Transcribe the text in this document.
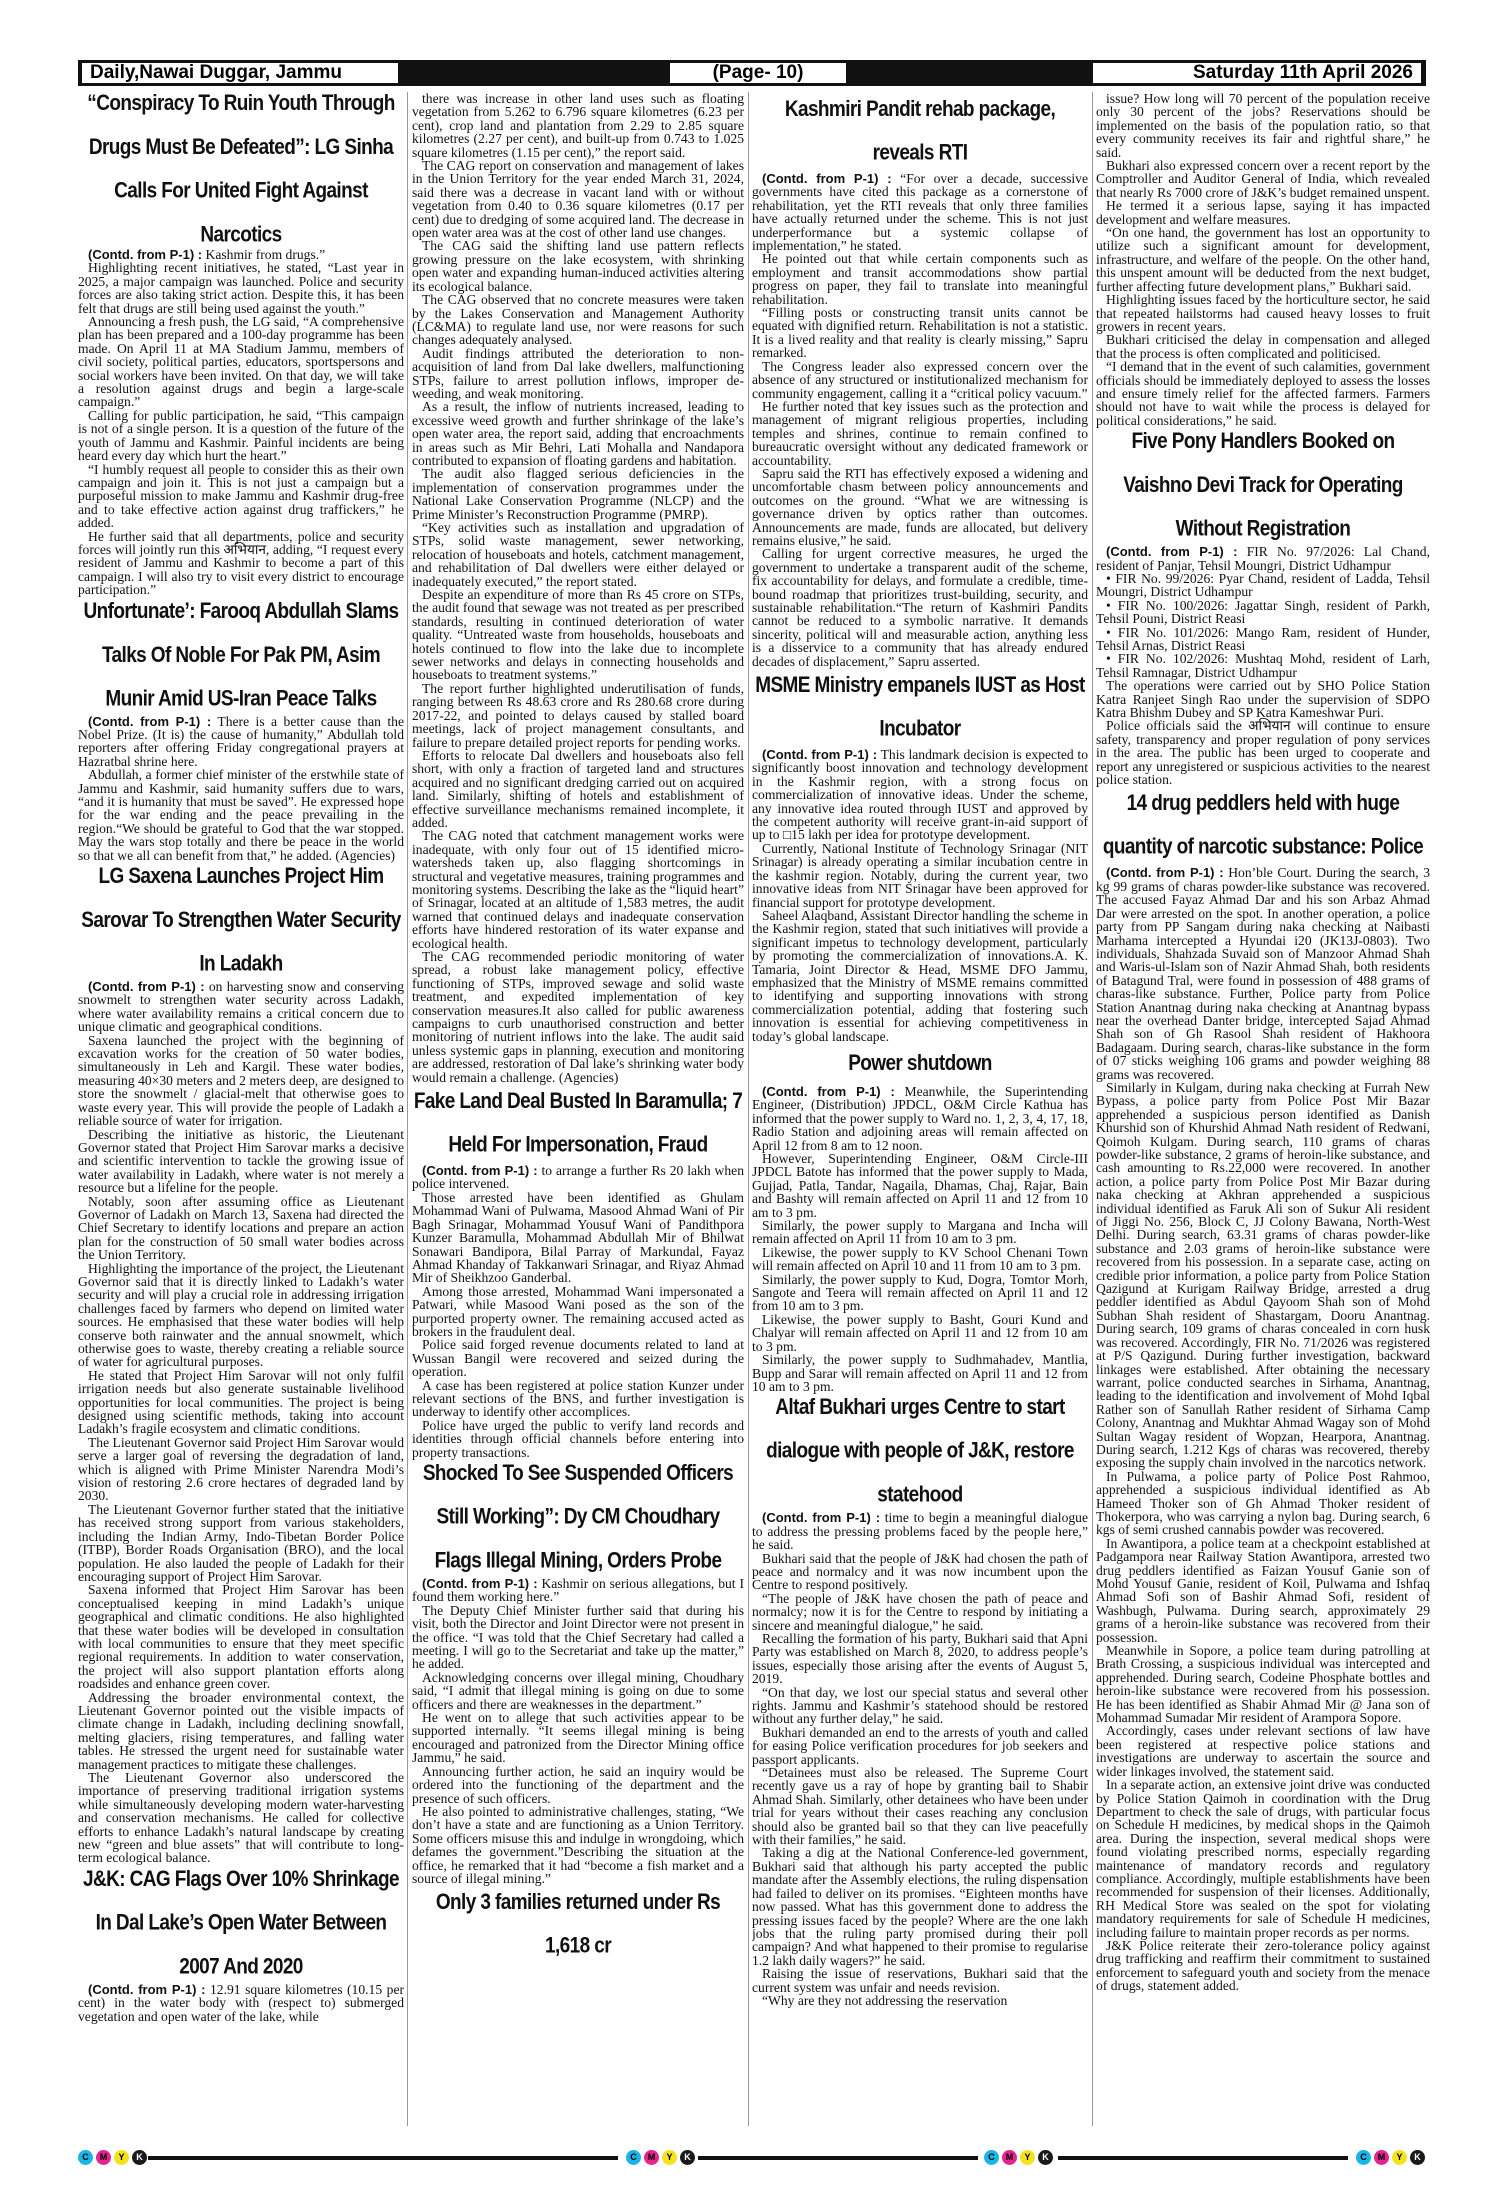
Daily,Nawai Duggar, Jammu	(Page- 10)	Saturday 11th April 2026
“Conspiracy To Ruin Youth Through Drugs Must Be Defeated”: LG Sinha Calls For United Fight Against Narcotics

(Contd. from P-1) : Kashmir from drugs.”

Highlighting recent initiatives, he stated, “Last year in 2025, a major campaign was launched. Police and security forces are also taking strict action. Despite this, it has been felt that drugs are still being used against the youth.”

Announcing a fresh push, the LG said, “A comprehensive plan has been prepared and a 100-day programme has been made. On April 11 at MA Stadium Jammu, members of civil society, political parties, educators, sportspersons and social workers have been invited. On that day, we will take a resolution against drugs and begin a large-scale campaign.”

Calling for public participation, he said, “This campaign is not of a single person. It is a question of the future of the youth of Jammu and Kashmir. Painful incidents are being heard every day which hurt the heart.”

“I humbly request all people to consider this as their own campaign and join it. This is not just a campaign but a purposeful mission to make Jammu and Kashmir drug-free and to take effective action against drug traffickers,” he added.

He further said that all departments, police and security forces will jointly run this अभियान, adding, “I request every resident of Jammu and Kashmir to become a part of this campaign. I will also try to visit every district to encourage participation.”

Unfortunate’: Farooq Abdullah Slams Talks Of Noble For Pak PM, Asim Munir Amid US-Iran Peace Talks

(Contd. from P-1) : There is a better cause than the Nobel Prize. (It is) the cause of humanity,” Abdullah told reporters after offering Friday congregational prayers at Hazratbal shrine here.

Abdullah, a former chief minister of the erstwhile state of Jammu and Kashmir, said humanity suffers due to wars, “and it is humanity that must be saved”. He expressed hope for the war ending and the peace prevailing in the region.“We should be grateful to God that the war stopped. May the wars stop totally and there be peace in the world so that we all can benefit from that,” he added. (Agencies)

LG Saxena Launches Project Him Sarovar To Strengthen Water Security In Ladakh

(Contd. from P-1) : on harvesting snow and conserving snowmelt to strengthen water security across Ladakh, where water availability remains a critical concern due to unique climatic and geographical conditions.

Saxena launched the project with the beginning of excavation works for the creation of 50 water bodies, simultaneously in Leh and Kargil. These water bodies, measuring 40×30 meters and 2 meters deep, are designed to store the snowmelt / glacial-melt that otherwise goes to waste every year. This will provide the people of Ladakh a reliable source of water for irrigation.

Describing the initiative as historic, the Lieutenant Governor stated that Project Him Sarovar marks a decisive and scientific intervention to tackle the growing issue of water availability in Ladakh, where water is not merely a resource but a lifeline for the people.

Notably, soon after assuming office as Lieutenant Governor of Ladakh on March 13, Saxena had directed the Chief Secretary to identify locations and prepare an action plan for the construction of 50 small water bodies across the Union Territory.

Highlighting the importance of the project, the Lieutenant Governor said that it is directly linked to Ladakh’s water security and will play a crucial role in addressing irrigation challenges faced by farmers who depend on limited water sources. He emphasised that these water bodies will help conserve both rainwater and the annual snowmelt, which otherwise goes to waste, thereby creating a reliable source of water for agricultural purposes.

He stated that Project Him Sarovar will not only fulfil irrigation needs but also generate sustainable livelihood opportunities for local communities. The project is being designed using scientific methods, taking into account Ladakh’s fragile ecosystem and climatic conditions.

The Lieutenant Governor said Project Him Sarovar would serve a larger goal of reversing the degradation of land, which is aligned with Prime Minister Narendra Modi’s vision of restoring 2.6 crore hectares of degraded land by 2030.

The Lieutenant Governor further stated that the initiative has received strong support from various stakeholders, including the Indian Army, Indo-Tibetan Border Police (ITBP), Border Roads Organisation (BRO), and the local population. He also lauded the people of Ladakh for their encouraging support of Project Him Sarovar.

Saxena informed that Project Him Sarovar has been conceptualised keeping in mind Ladakh’s unique geographical and climatic conditions. He also highlighted that these water bodies will be developed in consultation with local communities to ensure that they meet specific regional requirements. In addition to water conservation, the project will also support plantation efforts along roadsides and enhance green cover.

Addressing the broader environmental context, the Lieutenant Governor pointed out the visible impacts of climate change in Ladakh, including declining snowfall, melting glaciers, rising temperatures, and falling water tables. He stressed the urgent need for sustainable water management practices to mitigate these challenges.

The Lieutenant Governor also underscored the importance of preserving traditional irrigation systems while simultaneously developing modern water-harvesting and conservation mechanisms. He called for collective efforts to enhance Ladakh’s natural landscape by creating new “green and blue assets” that will contribute to long-term ecological balance.

J&K: CAG Flags Over 10% Shrinkage In Dal Lake’s Open Water Between 2007 And 2020

(Contd. from P-1) : 12.91 square kilometres (10.15 per cent) in the water body with (respect to) submerged vegetation and open water of the lake, while

there was increase in other land uses such as floating vegetation from 5.262 to 6.796 square kilometres (6.23 per cent), crop land and plantation from 2.29 to 2.85 square kilometres (2.27 per cent), and built-up from 0.743 to 1.025 square kilometres (1.15 per cent),” the report said.

The CAG report on conservation and management of lakes in the Union Territory for the year ended March 31, 2024, said there was a decrease in vacant land with or without vegetation from 0.40 to 0.36 square kilometres (0.17 per cent) due to dredging of some acquired land. The decrease in open water area was at the cost of other land use changes.

The CAG said the shifting land use pattern reflects growing pressure on the lake ecosystem, with shrinking open water and expanding human-induced activities altering its ecological balance.

The CAG observed that no concrete measures were taken by the Lakes Conservation and Management Authority (LC&MA) to regulate land use, nor were reasons for such changes adequately analysed.

Audit findings attributed the deterioration to non-acquisition of land from Dal lake dwellers, malfunctioning STPs, failure to arrest pollution inflows, improper de-weeding, and weak monitoring.

As a result, the inflow of nutrients increased, leading to excessive weed growth and further shrinkage of the lake’s open water area, the report said, adding that encroachments in areas such as Mir Behri, Lati Mohalla and Nandapora contributed to expansion of floating gardens and habitation.

The audit also flagged serious deficiencies in the implementation of conservation programmes under the National Lake Conservation Programme (NLCP) and the Prime Minister’s Reconstruction Programme (PMRP).

“Key activities such as installation and upgradation of STPs, solid waste management, sewer networking, relocation of houseboats and hotels, catchment management, and rehabilitation of Dal dwellers were either delayed or inadequately executed,” the report stated.

Despite an expenditure of more than Rs 45 crore on STPs, the audit found that sewage was not treated as per prescribed standards, resulting in continued deterioration of water quality. “Untreated waste from households, houseboats and hotels continued to flow into the lake due to incomplete sewer networks and delays in connecting households and houseboats to treatment systems.”

The report further highlighted underutilisation of funds, ranging between Rs 48.63 crore and Rs 280.68 crore during 2017-22, and pointed to delays caused by stalled board meetings, lack of project management consultants, and failure to prepare detailed project reports for pending works.

Efforts to relocate Dal dwellers and houseboats also fell short, with only a fraction of targeted land and structures acquired and no significant dredging carried out on acquired land. Similarly, shifting of hotels and establishment of effective surveillance mechanisms remained incomplete, it added.

The CAG noted that catchment management works were inadequate, with only four out of 15 identified micro-watersheds taken up, also flagging shortcomings in structural and vegetative measures, training programmes and monitoring systems. Describing the lake as the “liquid heart” of Srinagar, located at an altitude of 1,583 metres, the audit warned that continued delays and inadequate conservation efforts have hindered restoration of its water expanse and ecological health.

The CAG recommended periodic monitoring of water spread, a robust lake management policy, effective functioning of STPs, improved sewage and solid waste treatment, and expedited implementation of key conservation measures.It also called for public awareness campaigns to curb unauthorised construction and better monitoring of nutrient inflows into the lake. The audit said unless systemic gaps in planning, execution and monitoring are addressed, restoration of Dal lake’s shrinking water body would remain a challenge. (Agencies)

Fake Land Deal Busted In Baramulla; 7 Held For Impersonation, Fraud

(Contd. from P-1) : to arrange a further Rs 20 lakh when police intervened.

Those arrested have been identified as Ghulam Mohammad Wani of Pulwama, Masood Ahmad Wani of Pir Bagh Srinagar, Mohammad Yousuf Wani of Pandithpora Kunzer Baramulla, Mohammad Abdullah Mir of Bhilwat Sonawari Bandipora, Bilal Parray of Markundal, Fayaz Ahmad Khanday of Takkanwari Srinagar, and Riyaz Ahmad Mir of Sheikhzoo Ganderbal.

Among those arrested, Mohammad Wani impersonated a Patwari, while Masood Wani posed as the son of the purported property owner. The remaining accused acted as brokers in the fraudulent deal.

Police said forged revenue documents related to land at Wussan Bangil were recovered and seized during the operation.

A case has been registered at police station Kunzer under relevant sections of the BNS, and further investigation is underway to identify other accomplices.

Police have urged the public to verify land records and identities through official channels before entering into property transactions.

Shocked To See Suspended Officers Still Working”: Dy CM Choudhary Flags Illegal Mining, Orders Probe

(Contd. from P-1) : Kashmir on serious allegations, but I found them working here.”

The Deputy Chief Minister further said that during his visit, both the Director and Joint Director were not present in the office. “I was told that the Chief Secretary had called a meeting. I will go to the Secretariat and take up the matter,” he added.

Acknowledging concerns over illegal mining, Choudhary said, “I admit that illegal mining is going on due to some officers and there are weaknesses in the department.”

He went on to allege that such activities appear to be supported internally. “It seems illegal mining is being encouraged and patronized from the Director Mining office Jammu,” he said.

Announcing further action, he said an inquiry would be ordered into the functioning of the department and the presence of such officers.

He also pointed to administrative challenges, stating, “We don’t have a state and are functioning as a Union Territory. Some officers misuse this and indulge in wrongdoing, which defames the government.”Describing the situation at the office, he remarked that it had “become a fish market and a source of illegal mining.”

Only 3 families returned under Rs 1,618 cr
Kashmiri Pandit rehab package, reveals RTI

(Contd. from P-1) : “For over a decade, successive governments have cited this package as a cornerstone of rehabilitation, yet the RTI reveals that only three families have actually returned under the scheme. This is not just underperformance but a systemic collapse of implementation,” he stated.

He pointed out that while certain components such as employment and transit accommodations show partial progress on paper, they fail to translate into meaningful rehabilitation.

“Filling posts or constructing transit units cannot be equated with dignified return. Rehabilitation is not a statistic. It is a lived reality and that reality is clearly missing,” Sapru remarked.

The Congress leader also expressed concern over the absence of any structured or institutionalized mechanism for community engagement, calling it a “critical policy vacuum.”

He further noted that key issues such as the protection and management of migrant religious properties, including temples and shrines, continue to remain confined to bureaucratic oversight without any dedicated framework or accountability.

Sapru said the RTI has effectively exposed a widening and uncomfortable chasm between policy announcements and outcomes on the ground. “What we are witnessing is governance driven by optics rather than outcomes. Announcements are made, funds are allocated, but delivery remains elusive,” he said.

Calling for urgent corrective measures, he urged the government to undertake a transparent audit of the scheme, fix accountability for delays, and formulate a credible, time-bound roadmap that prioritizes trust-building, security, and sustainable rehabilitation.“The return of Kashmiri Pandits cannot be reduced to a symbolic narrative. It demands sincerity, political will and measurable action, anything less is a disservice to a community that has already endured decades of displacement,” Sapru asserted.

MSME Ministry empanels IUST as Host Incubator

(Contd. from P-1) : This landmark decision is expected to significantly boost innovation and technology development in the Kashmir region, with a strong focus on commercialization of innovative ideas. Under the scheme, any innovative idea routed through IUST and approved by the competent authority will receive grant-in-aid support of up to □15 lakh per idea for prototype development.

Currently, National Institute of Technology Srinagar (NIT Srinagar) is already operating a similar incubation centre in the kashmir region. Notably, during the current year, two innovative ideas from NIT Srinagar have been approved for financial support for prototype development.

Saheel Alaqband, Assistant Director handling the scheme in the Kashmir region, stated that such initiatives will provide a significant impetus to technology development, particularly by promoting the commercialization of innovations.A. K. Tamaria, Joint Director & Head, MSME DFO Jammu, emphasized that the Ministry of MSME remains committed to identifying and supporting innovations with strong commercialization potential, adding that fostering such innovation is essential for achieving competitiveness in today’s global landscape.

Power shutdown

(Contd. from P-1) : Meanwhile, the Superintending Engineer, (Distribution) JPDCL, O&M Circle Kathua has informed that the power supply to Ward no. 1, 2, 3, 4, 17, 18, Radio Station and adjoining areas will remain affected on April 12 from 8 am to 12 noon.

However, Superintending Engineer, O&M Circle-III JPDCL Batote has informed that the power supply to Mada, Gujjad, Patla, Tandar, Nagaila, Dhamas, Chaj, Rajar, Bain and Bashty will remain affected on April 11 and 12 from 10 am to 3 pm.

Similarly, the power supply to Margana and Incha will remain affected on April 11 from 10 am to 3 pm.

Likewise, the power supply to KV School Chenani Town will remain affected on April 10 and 11 from 10 am to 3 pm.

Similarly, the power supply to Kud, Dogra, Tomtor Morh, Sangote and Teera will remain affected on April 11 and 12 from 10 am to 3 pm.

Likewise, the power supply to Basht, Gouri Kund and Chalyar will remain affected on April 11 and 12 from 10 am to 3 pm.

Similarly, the power supply to Sudhmahadev, Mantlia, Bupp and Sarar will remain affected on April 11 and 12 from 10 am to 3 pm.

Altaf Bukhari urges Centre to start dialogue with people of J&K, restore statehood

(Contd. from P-1) : time to begin a meaningful dialogue to address the pressing problems faced by the people here,” he said.

Bukhari said that the people of J&K had chosen the path of peace and normalcy and it was now incumbent upon the Centre to respond positively.

“The people of J&K have chosen the path of peace and normalcy; now it is for the Centre to respond by initiating a sincere and meaningful dialogue,” he said.

Recalling the formation of his party, Bukhari said that Apni Party was established on March 8, 2020, to address people’s issues, especially those arising after the events of August 5, 2019.

“On that day, we lost our special status and several other rights. Jammu and Kashmir’s statehood should be restored without any further delay,” he said.

Bukhari demanded an end to the arrests of youth and called for easing Police verification procedures for job seekers and passport applicants.

“Detainees must also be released. The Supreme Court recently gave us a ray of hope by granting bail to Shabir Ahmad Shah. Similarly, other detainees who have been under trial for years without their cases reaching any conclusion should also be granted bail so that they can live peacefully with their families,” he said.

Taking a dig at the National Conference-led government, Bukhari said that although his party accepted the public mandate after the Assembly elections, the ruling dispensation had failed to deliver on its promises. “Eighteen months have now passed. What has this government done to address the pressing issues faced by the people? Where are the one lakh jobs that the ruling party promised during their poll campaign? And what happened to their promise to regularise 1.2 lakh daily wagers?” he said.

Raising the issue of reservations, Bukhari said that the current system was unfair and needs revision.

“Why are they not addressing the reservation

issue? How long will 70 percent of the population receive only 30 percent of the jobs? Reservations should be implemented on the basis of the population ratio, so that every community receives its fair and rightful share,” he said.

Bukhari also expressed concern over a recent report by the Comptroller and Auditor General of India, which revealed that nearly Rs 7000 crore of J&K’s budget remained unspent.

He termed it a serious lapse, saying it has impacted development and welfare measures.

“On one hand, the government has lost an opportunity to utilize such a significant amount for development, infrastructure, and welfare of the people. On the other hand, this unspent amount will be deducted from the next budget, further affecting future development plans,” Bukhari said.

Highlighting issues faced by the horticulture sector, he said that repeated hailstorms had caused heavy losses to fruit growers in recent years.

Bukhari criticised the delay in compensation and alleged that the process is often complicated and politicised.

“I demand that in the event of such calamities, government officials should be immediately deployed to assess the losses and ensure timely relief for the affected farmers. Farmers should not have to wait while the process is delayed for political considerations,” he said.

Five Pony Handlers Booked on Vaishno Devi Track for Operating Without Registration

(Contd. from P-1) : FIR No. 97/2026: Lal Chand, resident of Panjar, Tehsil Moungri, District Udhampur

• FIR No. 99/2026: Pyar Chand, resident of Ladda, Tehsil Moungri, District Udhampur

• FIR No. 100/2026: Jagattar Singh, resident of Parkh, Tehsil Pouni, District Reasi

• FIR No. 101/2026: Mango Ram, resident of Hunder, Tehsil Arnas, District Reasi

• FIR No. 102/2026: Mushtaq Mohd, resident of Larh, Tehsil Ramnagar, District Udhampur

The operations were carried out by SHO Police Station Katra Ranjeet Singh Rao under the supervision of SDPO Katra Bhishm Dubey and SP Katra Kameshwar Puri.

Police officials said the अभियान will continue to ensure safety, transparency and proper regulation of pony services in the area. The public has been urged to cooperate and report any unregistered or suspicious activities to the nearest police station.

14 drug peddlers held with huge quantity of narcotic substance: Police

(Contd. from P-1) : Hon’ble Court. During the search, 3 kg 99 grams of charas powder-like substance was recovered. The accused Fayaz Ahmad Dar and his son Arbaz Ahmad Dar were arrested on the spot. In another operation, a police party from PP Sangam during naka checking at Naibasti Marhama intercepted a Hyundai i20 (JK13J-0803). Two individuals, Shahzada Suvaid son of Manzoor Ahmad Shah and Waris-ul-Islam son of Nazir Ahmad Shah, both residents of Batagund Tral, were found in possession of 488 grams of charas-like substance. Further, Police party from Police Station Anantnag during naka checking at Anantnag bypass near the overhead Danter bridge, intercepted Sajad Ahmad Shah son of Gh Rasool Shah resident of Hakhoora Badagaam. During search, charas-like substance in the form of 07 sticks weighing 106 grams and powder weighing 88 grams was recovered.

Similarly in Kulgam, during naka checking at Furrah New Bypass, a police party from Police Post Mir Bazar apprehended a suspicious person identified as Danish Khurshid son of Khurshid Ahmad Nath resident of Redwani, Qoimoh Kulgam. During search, 110 grams of charas powder-like substance, 2 grams of heroin-like substance, and cash amounting to Rs.22,000 were recovered. In another action, a police party from Police Post Mir Bazar during naka checking at Akhran apprehended a suspicious individual identified as Faruk Ali son of Sukur Ali resident of Jiggi No. 256, Block C, JJ Colony Bawana, North-West Delhi. During search, 63.31 grams of charas powder-like substance and 2.03 grams of heroin-like substance were recovered from his possession. In a separate case, acting on credible prior information, a police party from Police Station Qazigund at Kurigam Railway Bridge, arrested a drug peddler identified as Abdul Qayoom Shah son of Mohd Subhan Shah resident of Shastargam, Dooru Anantnag. During search, 109 grams of charas concealed in corn husk was recovered. Accordingly, FIR No. 71/2026 was registered at P/S Qazigund. During further investigation, backward linkages were established. After obtaining the necessary warrant, police conducted searches in Sirhama, Anantnag, leading to the identification and involvement of Mohd Iqbal Rather son of Sanullah Rather resident of Sirhama Camp Colony, Anantnag and Mukhtar Ahmad Wagay son of Mohd Sultan Wagay resident of Wopzan, Hearpora, Anantnag. During search, 1.212 Kgs of charas was recovered, thereby exposing the supply chain involved in the narcotics network.

In Pulwama, a police party of Police Post Rahmoo, apprehended a suspicious individual identified as Ab Hameed Thoker son of Gh Ahmad Thoker resident of Thokerpora, who was carrying a nylon bag. During search, 6 kgs of semi crushed cannabis powder was recovered.

In Awantipora, a police team at a checkpoint established at Padgampora near Railway Station Awantipora, arrested two drug peddlers identified as Faizan Yousuf Ganie son of Mohd Yousuf Ganie, resident of Koil, Pulwama and Ishfaq Ahmad Sofi son of Bashir Ahmad Sofi, resident of Washbugh, Pulwama. During search, approximately 29 grams of a heroin-like substance was recovered from their possession.

Meanwhile in Sopore, a police team during patrolling at Brath Crossing, a suspicious individual was intercepted and apprehended. During search, Codeine Phosphate bottles and heroin-like substance were recovered from his possession. He has been identified as Shabir Ahmad Mir @ Jana son of Mohammad Sumadar Mir resident of Arampora Sopore.

Accordingly, cases under relevant sections of law have been registered at respective police stations and investigations are underway to ascertain the source and wider linkages involved, the statement said.

In a separate action, an extensive joint drive was conducted by Police Station Qaimoh in coordination with the Drug Department to check the sale of drugs, with particular focus on Schedule H medicines, by medical shops in the Qaimoh area. During the inspection, several medical shops were found violating prescribed norms, especially regarding maintenance of mandatory records and regulatory compliance. Accordingly, multiple establishments have been recommended for suspension of their licenses. Additionally, RH Medical Store was sealed on the spot for violating mandatory requirements for sale of Schedule H medicines, including failure to maintain proper records as per norms.

J&K Police reiterate their zero-tolerance policy against drug trafficking and reaffirm their commitment to sustained enforcement to safeguard youth and society from the menace of drugs, statement added.

C	M	Y	K	C	M	Y	K	C	M	Y	K	C	M	Y	K
